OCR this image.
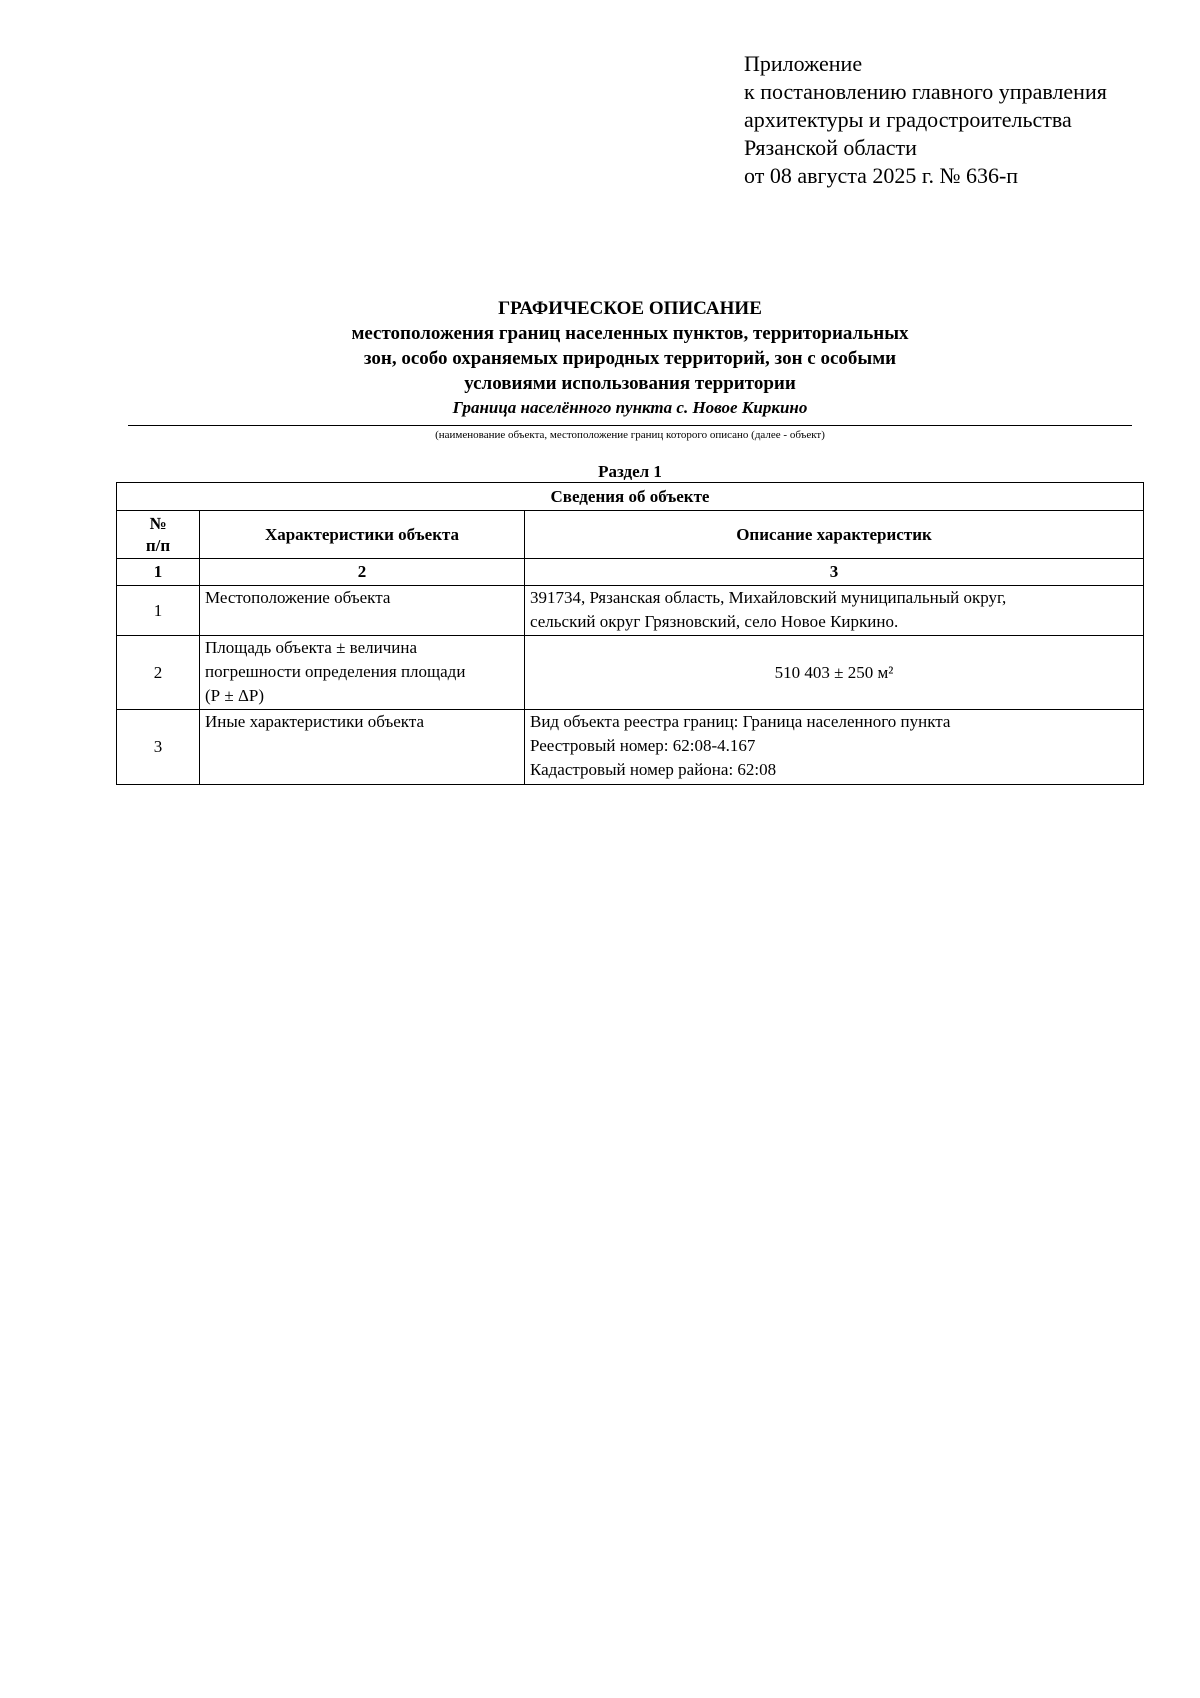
Приложение
к постановлению главного управления
архитектуры и градостроительства
Рязанской области
от 08 августа 2025 г. № 636-п
ГРАФИЧЕСКОЕ ОПИСАНИЕ
местоположения границ населенных пунктов, территориальных
зон, особо охраняемых природных территорий, зон с особыми
условиями использования территории
Граница населённого пункта с. Новое Киркино
(наименование объекта, местоположение границ которого описано (далее - объект)
Раздел 1
Сведения об объекте		

№
п/п	Характеристики объекта	Описание характеристик
1	2	3
1	Местоположение объекта	391734, Рязанская область, Михайловский муниципальный округ,
сельский округ Грязновский, село Новое Киркино.

2	Площадь объекта ± величина
погрешности определения площади
(Р ± ΔР)	510 403 ± 250 м²
3	Иные характеристики объекта	Вид объекта реестра границ: Граница населенного пункта
Реестровый номер: 62:08-4.167
Кадастровый номер района: 62:08
